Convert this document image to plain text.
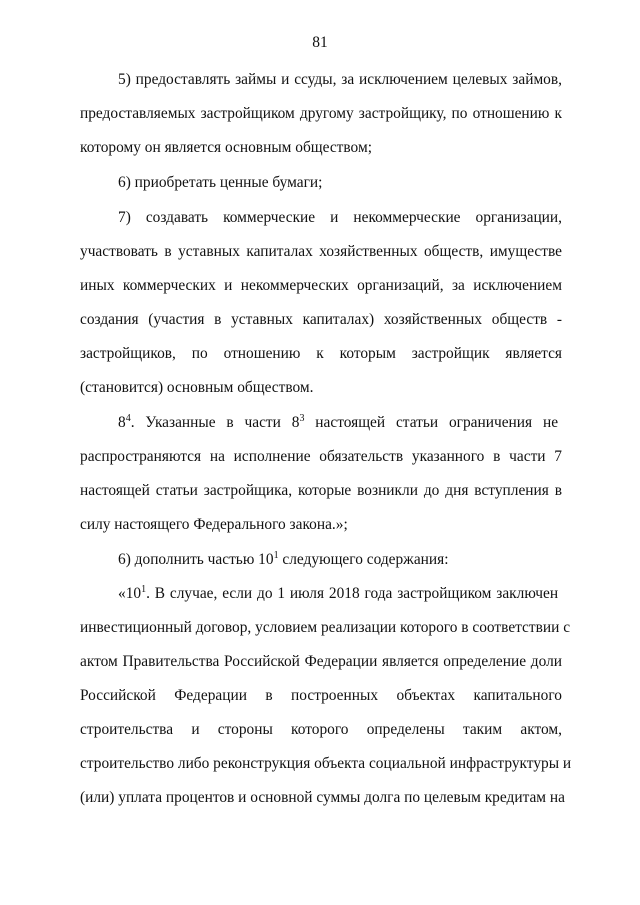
81
5) предоставлять займы и ссуды, за исключением целевых займов,
предоставляемых застройщиком другому застройщику, по отношению к
которому он является основным обществом;
6) приобретать ценные бумаги;
7) создавать коммерческие и некоммерческие организации,
участвовать в уставных капиталах хозяйственных обществ, имуществе
иных коммерческих и некоммерческих организаций, за исключением
создания (участия в уставных капиталах) хозяйственных обществ -
застройщиков, по отношению к которым застройщик является
(становится) основным обществом.
$8^4$. Указанные в части $8^3$ настоящей статьи ограничения не
распространяются на исполнение обязательств указанного в части 7
настоящей статьи застройщика, которые возникли до дня вступления в
силу настоящего Федерального закона.»;
6) дополнить частью $10^1$ следующего содержания:
«$10^1$. В случае, если до 1 июля 2018 года застройщиком заключен
инвестиционный договор, условием реализации которого в соответствии с
актом Правительства Российской Федерации является определение доли
Российской Федерации в построенных объектах капитального
строительства и стороны которого определены таким актом,
строительство либо реконструкция объекта социальной инфраструктуры и
(или) уплата процентов и основной суммы долга по целевым кредитам на
